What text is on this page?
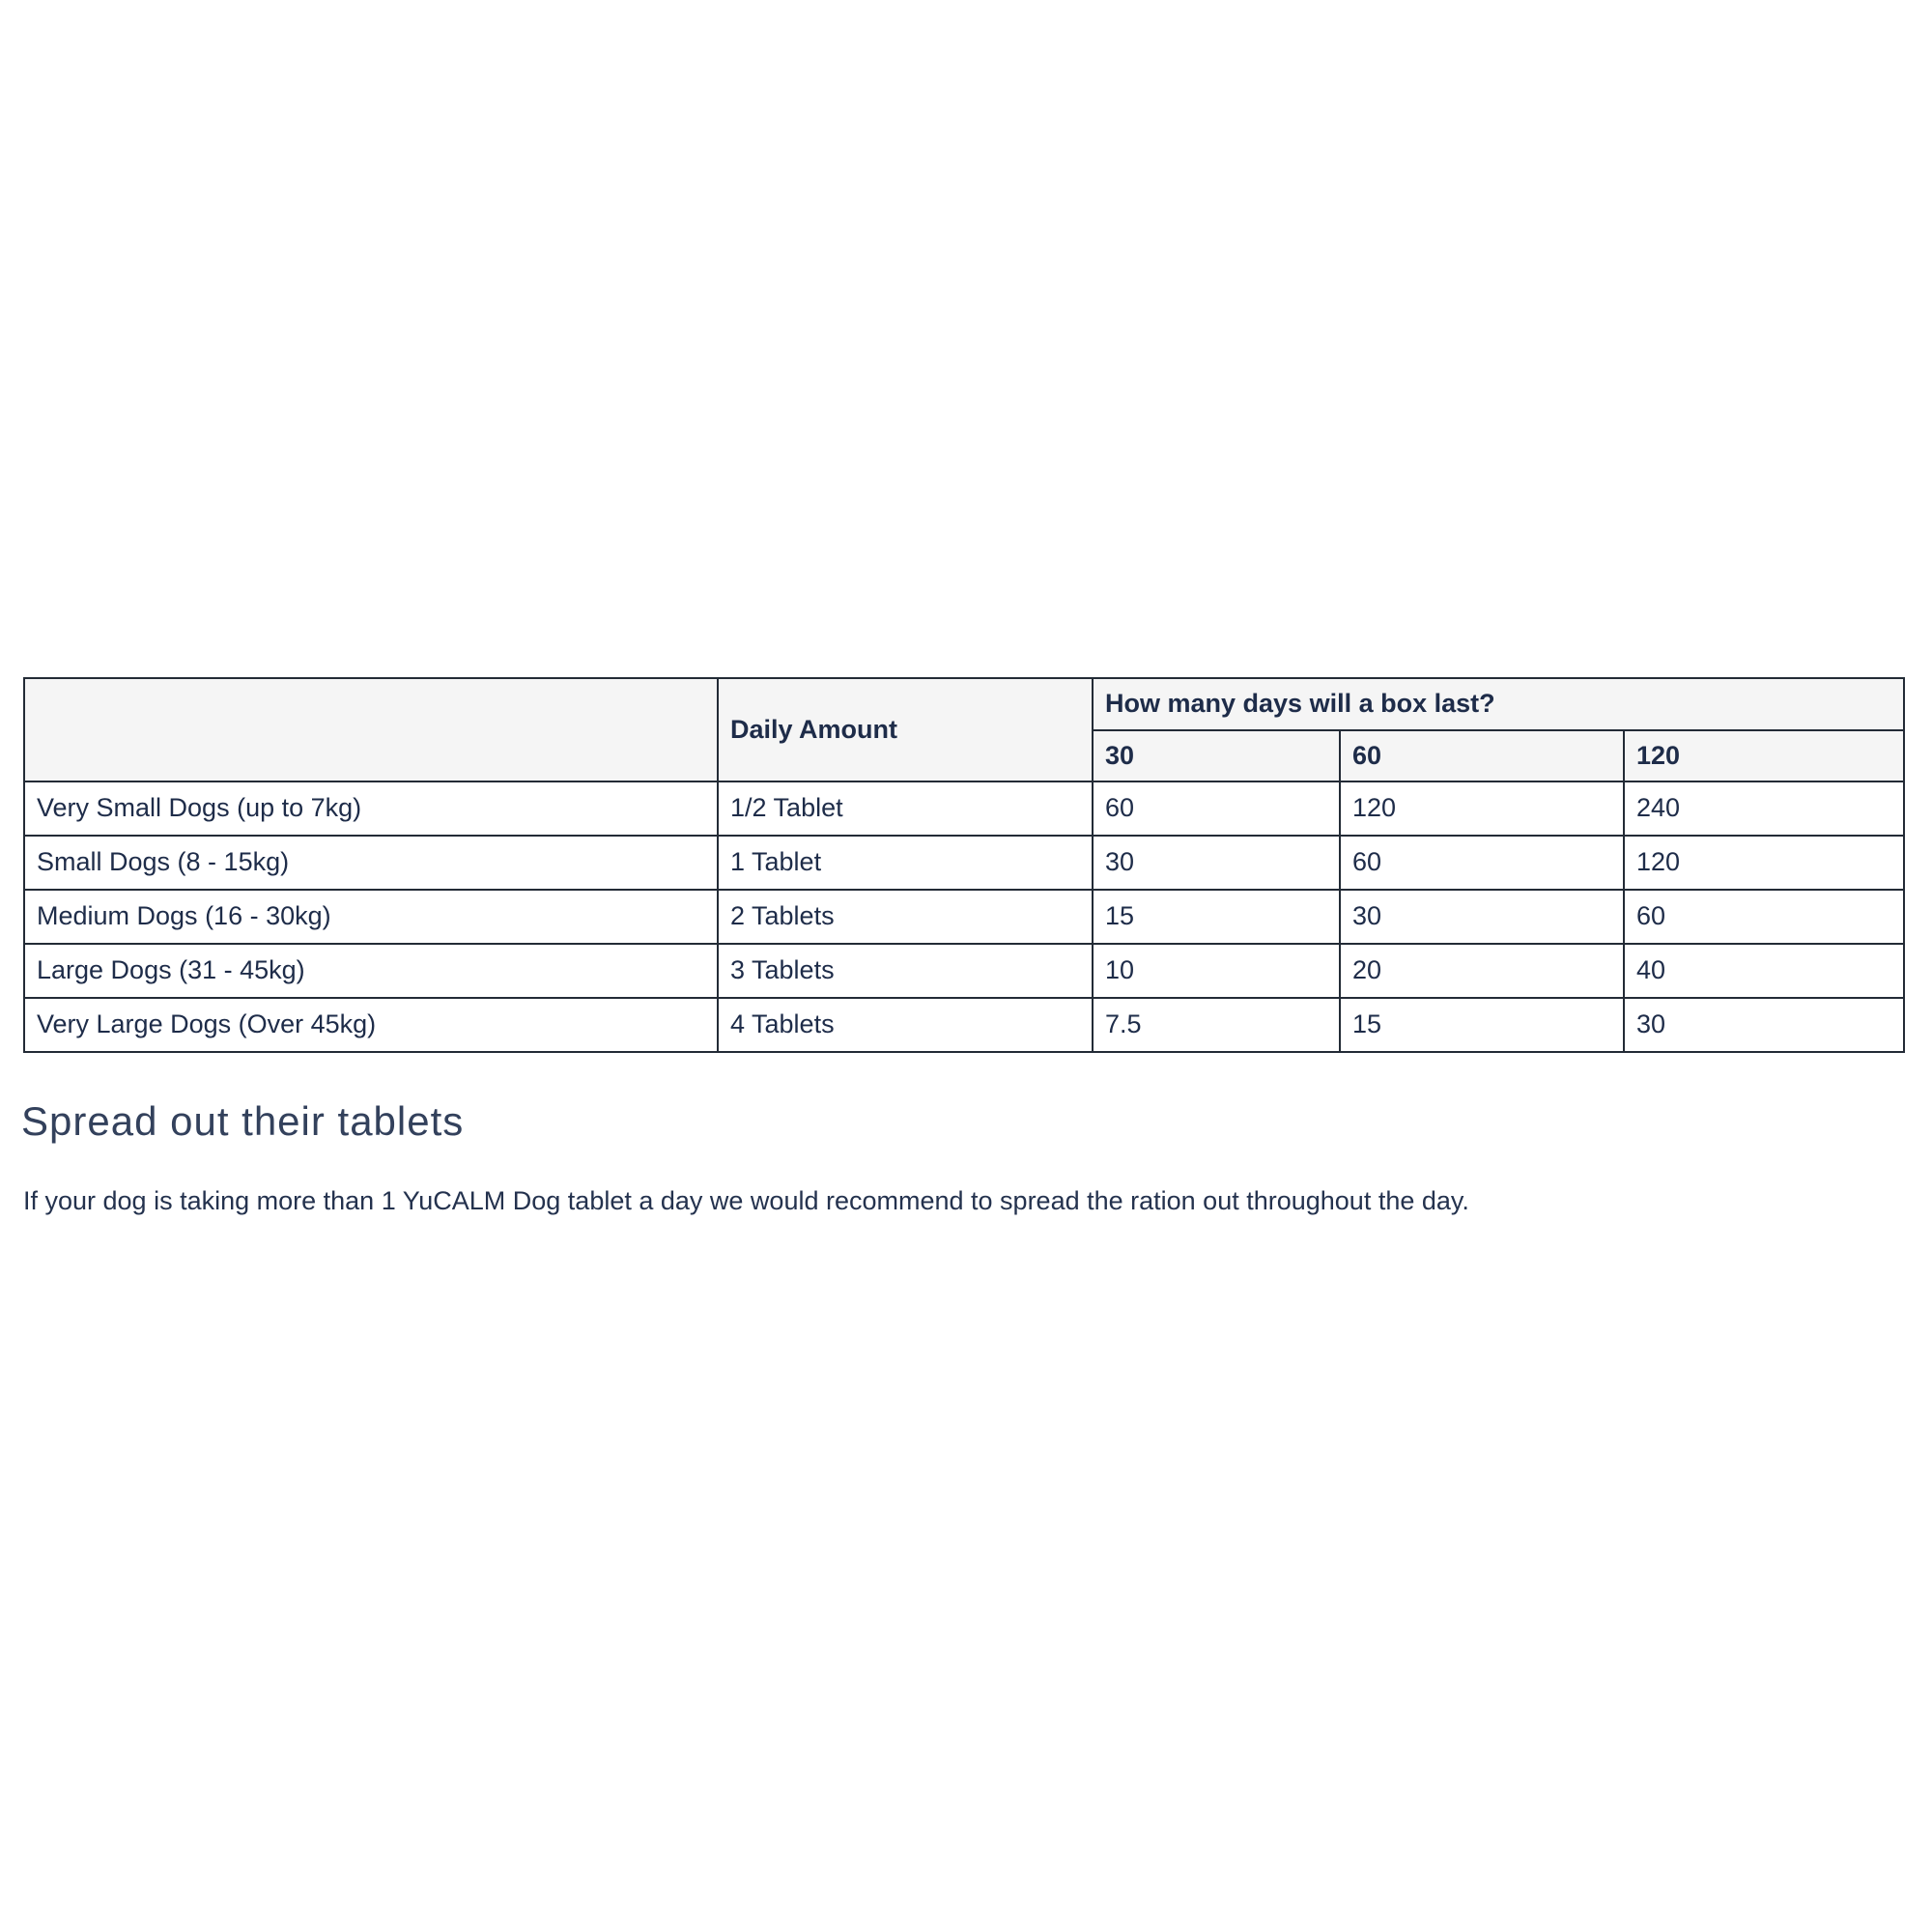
	Daily Amount	How many days will a box last?		
		30	60	120
Very Small Dogs (up to 7kg)	1/2 Tablet	60	120	240
Small Dogs (8 - 15kg)	1 Tablet	30	60	120
Medium Dogs (16 - 30kg)	2 Tablets	15	30	60
Large Dogs (31 - 45kg)	3 Tablets	10	20	40
Very Large Dogs (Over 45kg)	4 Tablets	7.5	15	30
Spread out their tablets

If your dog is taking more than 1 YuCALM Dog tablet a day we would recommend to spread the ration out throughout the day.
